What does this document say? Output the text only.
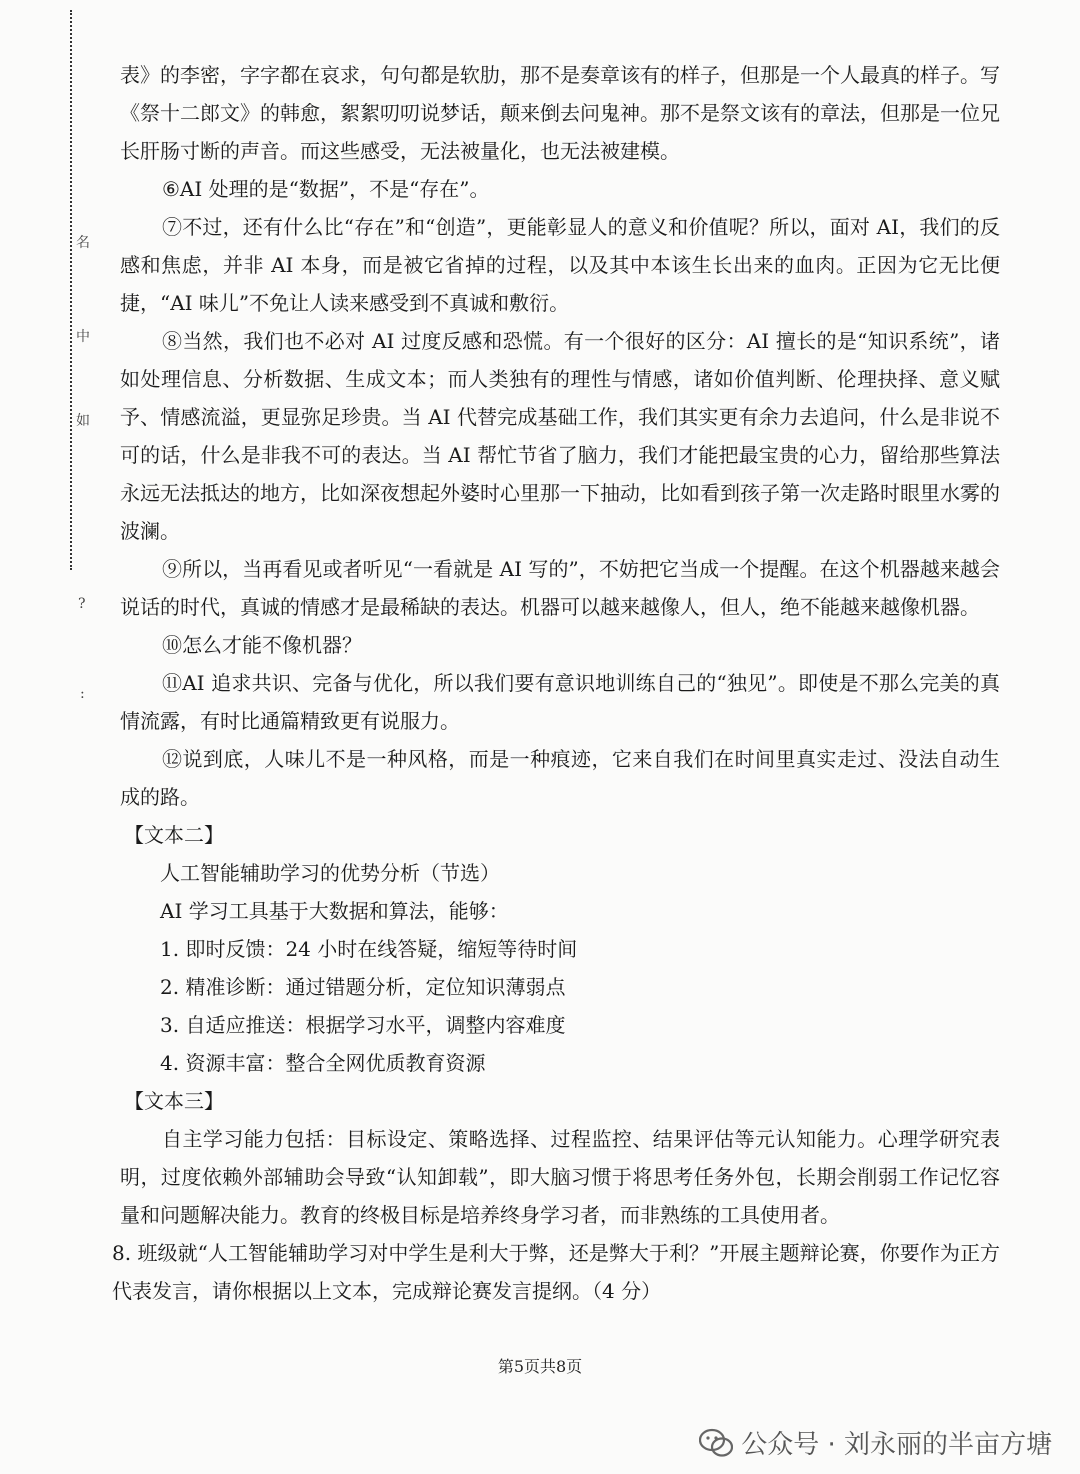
名
中
如
?
:

表》的李密，字字都在哀求，句句都是软肋，那不是奏章该有的样子，但那是一个人最真的样子。写《祭十二郎文》的韩愈，絮絮叨叨说梦话，颠来倒去问鬼神。那不是祭文该有的章法，但那是一位兄长肝肠寸断的声音。而这些感受，无法被量化，也无法被建模。

⑥AI 处理的是“数据”，不是“存在”。

⑦不过，还有什么比“存在”和“创造”，更能彰显人的意义和价值呢？所以，面对 AI，我们的反感和焦虑，并非 AI 本身，而是被它省掉的过程，以及其中本该生长出来的血肉。正因为它无比便捷，“AI 味儿”不免让人读来感受到不真诚和敷衍。

⑧当然，我们也不必对 AI 过度反感和恐慌。有一个很好的区分：AI 擅长的是“知识系统”，诸如处理信息、分析数据、生成文本；而人类独有的理性与情感，诸如价值判断、伦理抉择、意义赋予、情感流溢，更显弥足珍贵。当 AI 代替完成基础工作，我们其实更有余力去追问，什么是非说不可的话，什么是非我不可的表达。当 AI 帮忙节省了脑力，我们才能把最宝贵的心力，留给那些算法永远无法抵达的地方，比如深夜想起外婆时心里那一下抽动，比如看到孩子第一次走路时眼里水雾的波澜。

⑨所以，当再看见或者听见“一看就是 AI 写的”，不妨把它当成一个提醒。在这个机器越来越会说话的时代，真诚的情感才是最稀缺的表达。机器可以越来越像人，但人，绝不能越来越像机器。

⑩怎么才能不像机器？

⑪AI 追求共识、完备与优化，所以我们要有意识地训练自己的“独见”。即使是不那么完美的真情流露，有时比通篇精致更有说服力。

⑫说到底，人味儿不是一种风格，而是一种痕迹，它来自我们在时间里真实走过、没法自动生成的路。

【文本二】

人工智能辅助学习的优势分析（节选）

AI 学习工具基于大数据和算法，能够：

1. 即时反馈：24 小时在线答疑，缩短等待时间

2. 精准诊断：通过错题分析，定位知识薄弱点

3. 自适应推送：根据学习水平，调整内容难度

4. 资源丰富：整合全网优质教育资源

【文本三】

自主学习能力包括：目标设定、策略选择、过程监控、结果评估等元认知能力。心理学研究表明，过度依赖外部辅助会导致“认知卸载”，即大脑习惯于将思考任务外包，长期会削弱工作记忆容量和问题解决能力。教育的终极目标是培养终身学习者，而非熟练的工具使用者。

8. 班级就“人工智能辅助学习对中学生是利大于弊，还是弊大于利？”开展主题辩论赛，你要作为正方代表发言，请你根据以上文本，完成辩论赛发言提纲。（4 分）

第5页共8页
公众号 · 刘永丽的半亩方塘
